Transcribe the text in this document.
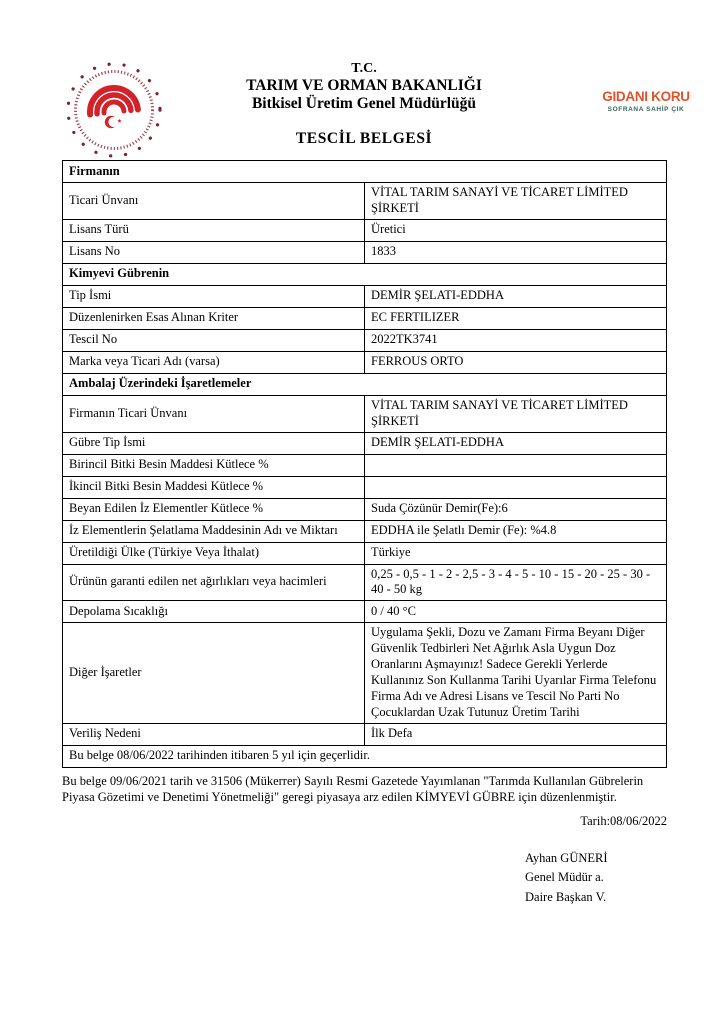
T.C.
TARIM VE ORMAN BAKANLIĞI
Bitkisel Üretim Genel Müdürlüğü
TESCİL BELGESİ
GIDANI KORU
SOFRANA SAHİP ÇIK
Firmanın	
Ticari Ünvanı	VİTAL TARIM SANAYİ VE TİCARET LİMİTED ŞİRKETİ
Lisans Türü	Üretici
Lisans No	1833
Kimyevi Gübrenin	
Tip İsmi	DEMİR ŞELATI-EDDHA
Düzenlenirken Esas Alınan Kriter	EC FERTILIZER
Tescil No	2022TK3741
Marka veya Ticari Adı (varsa)	FERROUS ORTO
Ambalaj Üzerindeki İşaretlemeler	
Firmanın Ticari Ünvanı	VİTAL TARIM SANAYİ VE TİCARET LİMİTED ŞİRKETİ
Gübre Tip İsmi	DEMİR ŞELATI-EDDHA
Birincil Bitki Besin Maddesi Kütlece %	
İkincil Bitki Besin Maddesi Kütlece %	
Beyan Edilen İz Elementler Kütlece %	Suda Çözünür Demir(Fe):6
İz Elementlerin Şelatlama Maddesinin Adı ve Miktarı	EDDHA ile Şelatlı Demir (Fe): %4.8
Üretildiği Ülke (Türkiye Veya İthalat)	Türkiye
Ürünün garanti edilen net ağırlıkları veya hacimleri	0,25 - 0,5 - 1 - 2 - 2,5 - 3 - 4 - 5 - 10 - 15 - 20 - 25 - 30 - 40 - 50 kg
Depolama Sıcaklığı	0 / 40 °C
Diğer İşaretler	Uygulama Şekli, Dozu ve Zamanı Firma Beyanı Diğer Güvenlik Tedbirleri Net Ağırlık Asla Uygun Doz Oranlarını Aşmayınız! Sadece Gerekli Yerlerde Kullanınız Son Kullanma Tarihi Uyarılar Firma Telefonu Firma Adı ve Adresi Lisans ve Tescil No Parti No Çocuklardan Uzak Tutunuz Üretim Tarihi
Veriliş Nedeni	İlk Defa
Bu belge 08/06/2022 tarihinden itibaren 5 yıl için geçerlidir.	

Bu belge 09/06/2021 tarih ve 31506 (Mükerrer) Sayılı Resmi Gazetede Yayımlanan "Tarımda Kullanılan Gübrelerin Piyasa Gözetimi ve Denetimi Yönetmeliği" geregi piyasaya arz edilen KİMYEVİ GÜBRE için düzenlenmiştir.

Tarih:08/06/2022
Ayhan GÜNERİ
Genel Müdür a.
Daire Başkan V.
